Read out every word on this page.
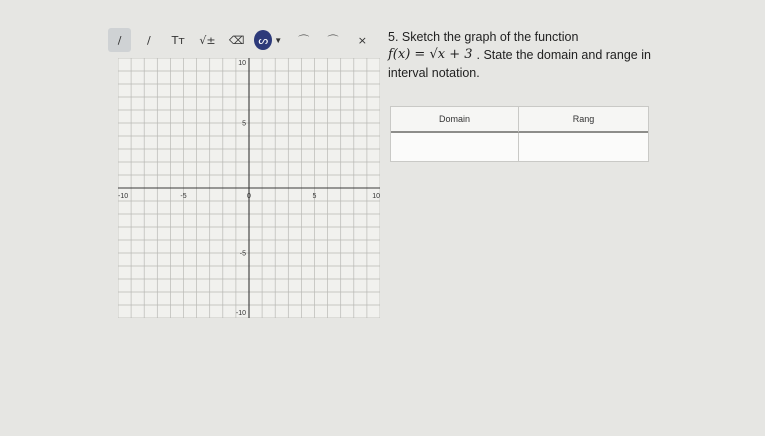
/	/	Tт	√±	⌫	ᔕ ▼	⌒	⌒	×
-10	-5	0	5	10
10
5
-5
-10
5. Sketch the graph of the function
f(x) = √x + 3 . State the domain and range in
interval notation.
Domain	Rang
